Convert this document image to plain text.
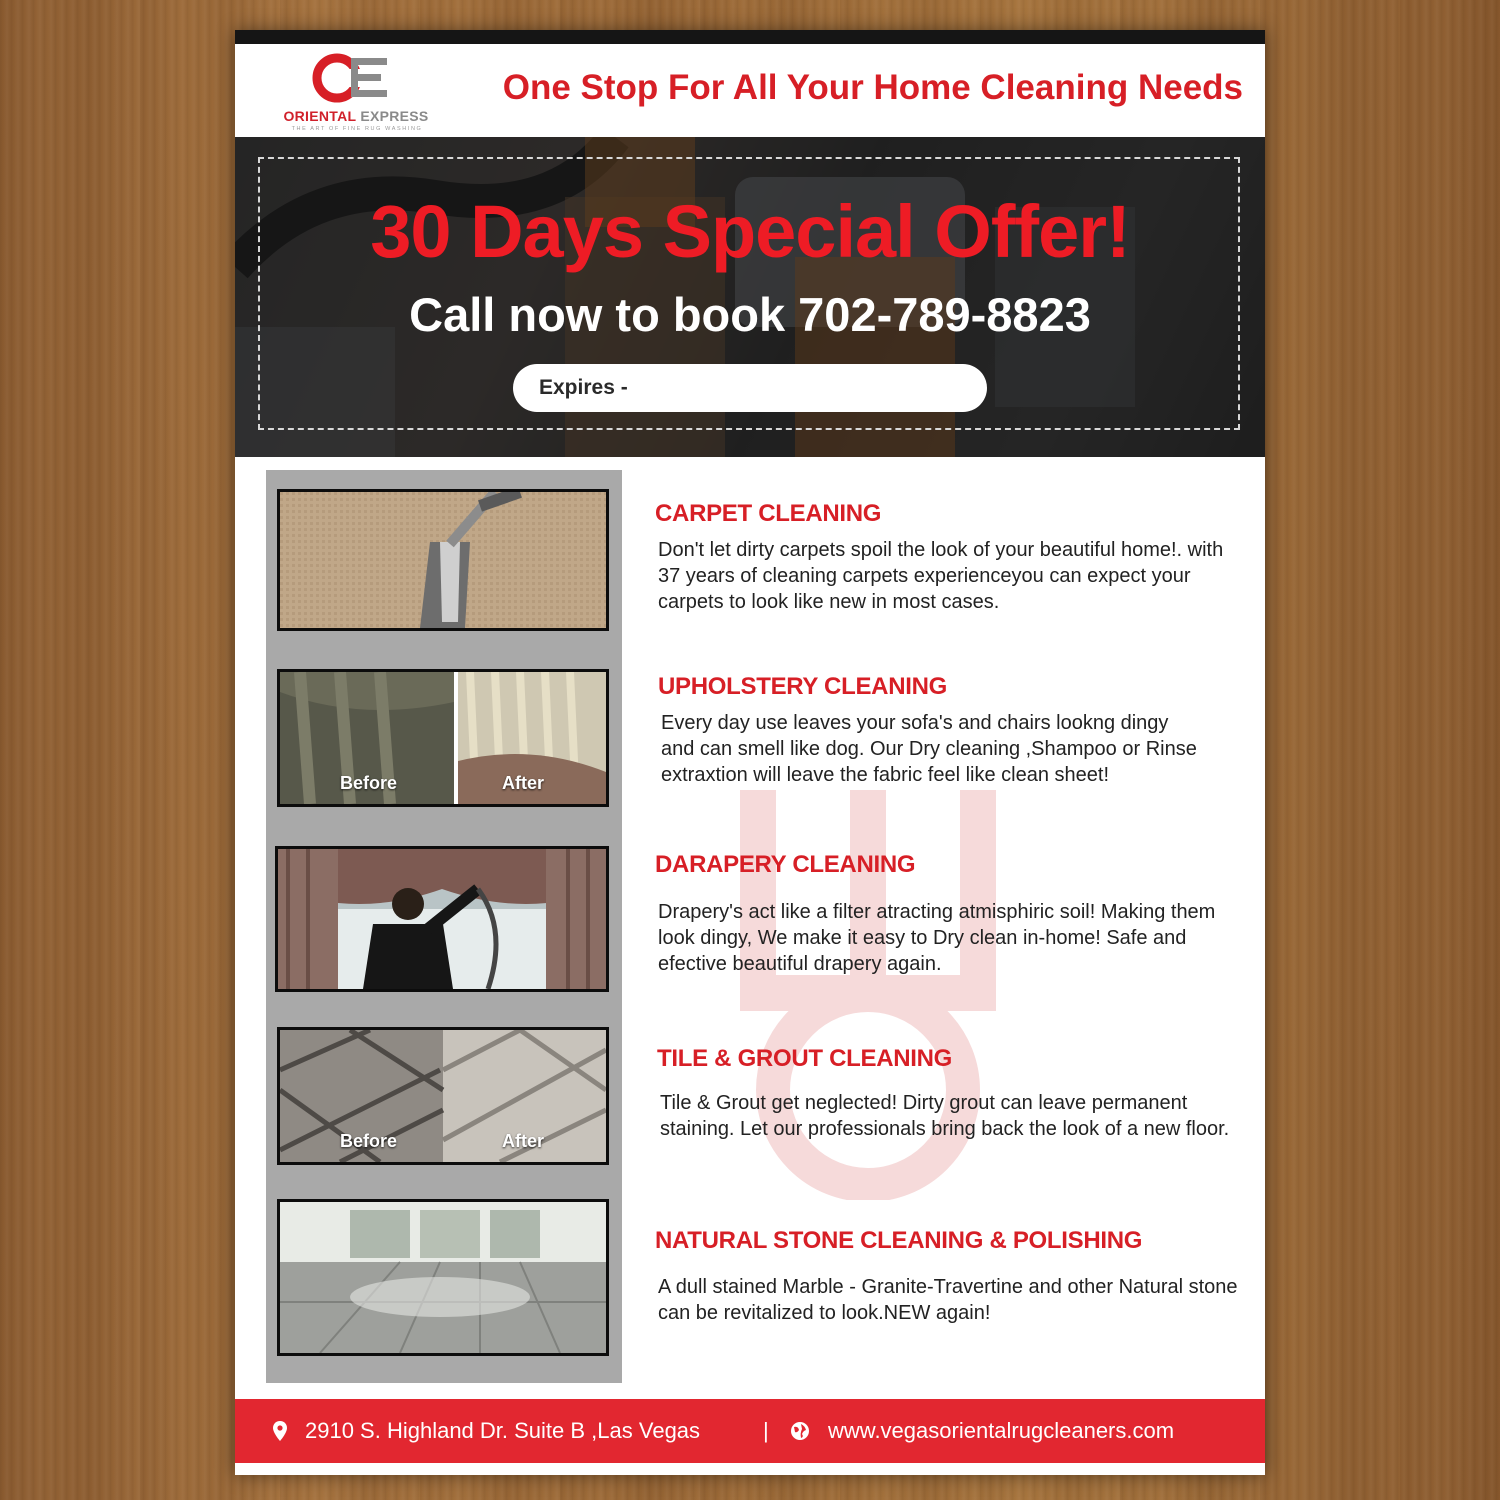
ORIENTAL EXPRESS
THE ART OF FINE RUG WASHING
One Stop For All Your Home Cleaning Needs
30 Days Special Offer!
Call now to book 702-789-8823
Expires -
Before	After
Before	After
CARPET CLEANING

Don't let dirty carpets spoil the look of your beautiful home!. with 37 years of cleaning carpets experienceyou can expect your carpets to look like new in most cases.

UPHOLSTERY CLEANING

Every day use leaves your sofa's and chairs lookng dingy and can smell like dog. Our Dry cleaning ,Shampoo or Rinse extraxtion will leave the fabric feel like clean sheet!

DARAPERY CLEANING

Drapery's act like a filter atracting atmisphiric soil! Making them look dingy, We make it easy to Dry clean in-home! Safe and efective beautiful drapery again.

TILE & GROUT CLEANING

Tile & Grout get neglected! Dirty grout can leave permanent staining. Let our professionals bring back the look of a new floor.

NATURAL STONE CLEANING & POLISHING

A dull stained Marble - Granite-Travertine and other Natural stone can be revitalized to look.NEW again!

2910 S. Highland Dr. Suite B ,Las Vegas	|	www.vegasorientalrugcleaners.com
